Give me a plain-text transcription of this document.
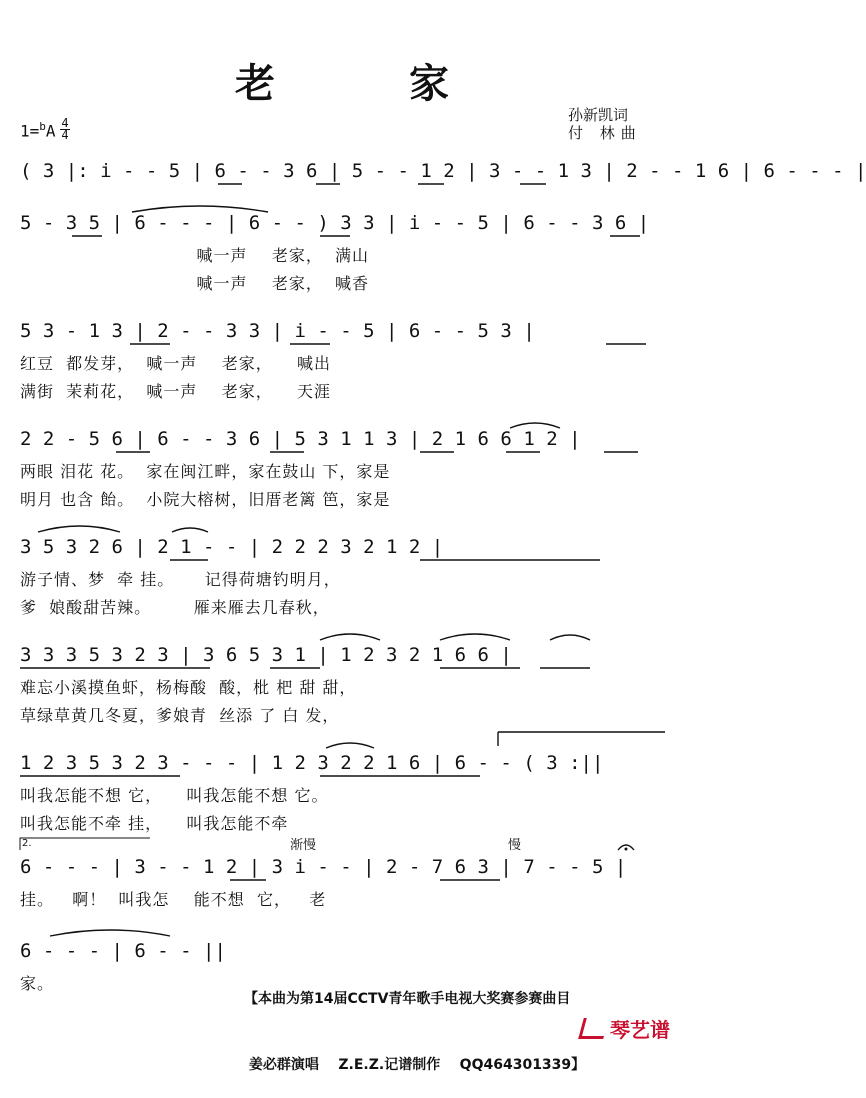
老 家
孙新凯词
付 林曲
1=$^b$A 4
4
( 3 |: i - - 5 | 6 - - 3 6 | 5 - - 1 2 | 3 - - 1 3 | 2 - - 1 6 | 6 - - - |
5 - 3 5 | 6 - - - | 6 - - ) 3 3 | i - - 5 | 6 - - 3 6 |
喊一声    老家，  满山
喊一声    老家，  喊香
5 3 - 1 3 | 2 - - 3 3 | i - - 5 | 6 - - 5 3 |
红豆  都发芽，  喊一声    老家，    喊出
满街  茉莉花，  喊一声    老家，    天涯
2 2 - 5 6 | 6 - - 3 6 | 5 3 1 1 3 | 2 1 6 6 1 2 |
两眼 泪花 花。  家在闽江畔，家在鼓山 下，家是
明月 也含 飴。  小院大榕树，旧厝老篱 笆，家是
3 5 3 2 6 | 2 1 - - | 2 2 2 3 2 1 2 |
游子情、梦  牵 挂。     记得荷塘钓明月，
爹  娘酸甜苦辣。       雁来雁去几春秋，
3 3 3 5 3 2 3 | 3 6 5 3 1 | 1 2 3 2 1 6 6 |
难忘小溪摸鱼虾，杨梅酸  酸，枇 杷 甜 甜，
草绿草黄几冬夏，爹娘青  丝添 了 白 发，
1 2 3 5 3 2 3 - - - | 1 2 3 2 2 1 6 | 6 - - ( 3 :||
叫我怎能不想 它，    叫我怎能不想 它。
叫我怎能不牵 挂，    叫我怎能不牵
2.	渐慢	慢
6 - - - | 3 - - 1 2 | 3 i - - | 2 - 7 6 3 | 7 - - 5 |
挂。   啊！  叫我怎    能不想  它，   老
6 - - - | 6 - - ||
家。

【本曲为第14届CCTV青年歌手电视大奖赛参赛曲目

姜必群演唱    Z.E.Z.记谱制作    QQ464301339】

琴艺谱
